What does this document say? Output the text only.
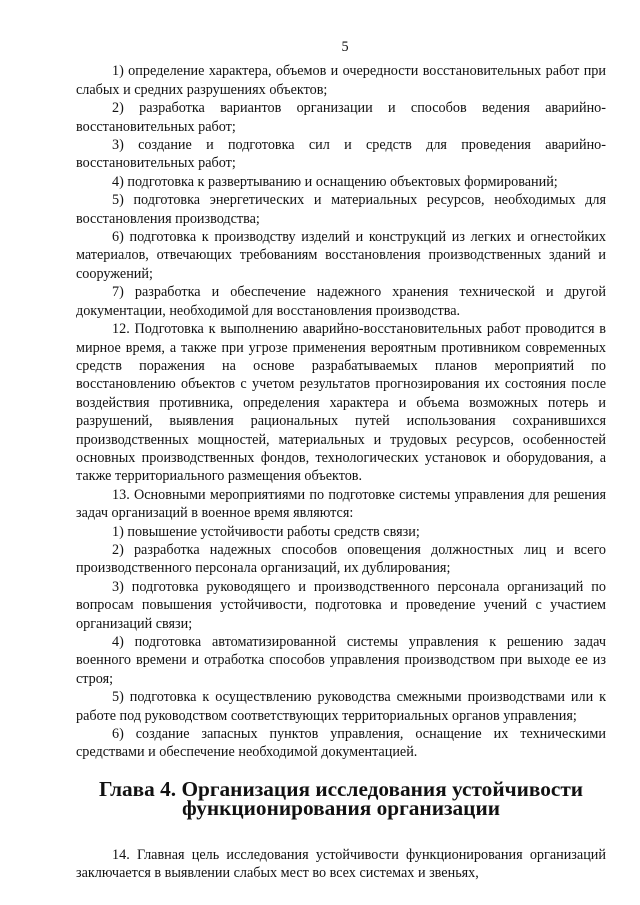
5

1) определение характера, объемов и очередности восстановительных работ при слабых и средних разрушениях объектов;

2) разработка вариантов организации и способов ведения аварийно-восстановительных работ;

3) создание и подготовка сил и средств для проведения аварийно-восстановительных работ;

4) подготовка к развертыванию и оснащению объектовых формирований;

5) подготовка энергетических и материальных ресурсов, необходимых для восстановления производства;

6) подготовка к производству изделий и конструкций из легких и огнестойких материалов, отвечающих требованиям восстановления производственных зданий и сооружений;

7) разработка и обеспечение надежного хранения технической и другой документации, необходимой для восстановления производства.

12. Подготовка к выполнению аварийно-восстановительных работ проводится в мирное время, а также при угрозе применения вероятным противником современных средств поражения на основе разрабатываемых планов мероприятий по восстановлению объектов с учетом результатов прогнозирования их состояния после воздействия противника, определения характера и объема возможных потерь и разрушений, выявления рациональных путей использования сохранившихся производственных мощностей, материальных и трудовых ресурсов, особенностей основных производственных фондов, технологических установок и оборудования, а также территориального размещения объектов.

13. Основными мероприятиями по подготовке системы управления для решения задач организаций в военное время являются:

1) повышение устойчивости работы средств связи;

2) разработка надежных способов оповещения должностных лиц и всего производственного персонала организаций, их дублирования;

3) подготовка руководящего и производственного персонала организаций по вопросам повышения устойчивости, подготовка и проведение учений с участием организаций связи;

4) подготовка автоматизированной системы управления к решению задач военного времени и отработка способов управления производством при выходе ее из строя;

5) подготовка к осуществлению руководства смежными производствами или к работе под руководством соответствующих территориальных органов управления;

6) создание запасных пунктов управления, оснащение их техническими средствами и обеспечение необходимой документацией.

Глава 4. Организация исследования устойчивости функционирования организации

14. Главная цель исследования устойчивости функционирования организаций заключается в выявлении слабых мест во всех системах и звеньях,
